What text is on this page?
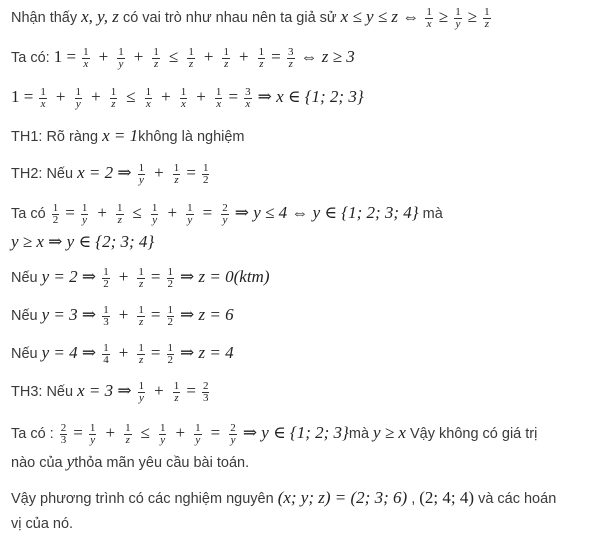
Nhận thấy x, y, z có vai trò như nhau nên ta giả sử x ≤ y ≤ z ⇔ $\frac{1}{x} \ge \frac{1}{y} \ge \frac{1}{z}$
Ta có: $1 = \frac{1}{x} + \frac{1}{y} + \frac{1}{z} \le \frac{1}{z} + \frac{1}{z} + \frac{1}{z} = \frac{3}{z}$ ⇔ z ≥ 3
$1 = \frac{1}{x} + \frac{1}{y} + \frac{1}{z} \le \frac{1}{x} + \frac{1}{x} + \frac{1}{x} = \frac{3}{x}$ ⇒ x ∈ {1; 2; 3}
TH1: Rõ ràng x = 1không là nghiệm
TH2: Nếu x = 2 ⇒ $\frac{1}{y} + \frac{1}{z} = \frac{1}{2}$
Ta có $\frac{1}{2} = \frac{1}{y} + \frac{1}{z} \le \frac{1}{y} + \frac{1}{y} = \frac{2}{y}$ ⇒ y ≤ 4 ⇔ y ∈ {1; 2; 3; 4} mà
y ≥ x ⇒ y ∈ {2; 3; 4}
Nếu y = 2 ⇒ $\frac{1}{2} + \frac{1}{z} = \frac{1}{2}$ ⇒ z = 0(ktm)
Nếu y = 3 ⇒ $\frac{1}{3} + \frac{1}{z} = \frac{1}{2}$ ⇒ z = 6
Nếu y = 4 ⇒ $\frac{1}{4} + \frac{1}{z} = \frac{1}{2}$ ⇒ z = 4
TH3: Nếu x = 3 ⇒ $\frac{1}{y} + \frac{1}{z} = \frac{2}{3}$
Ta có : $\frac{2}{3} = \frac{1}{y} + \frac{1}{z} \le \frac{1}{y} + \frac{1}{y} = \frac{2}{y}$ ⇒ y ∈ {1; 2; 3}mà y ≥ x Vậy không có giá trị
nào của ythỏa mãn yêu cầu bài toán.
Vậy phương trình có các nghiệm nguyên (x; y; z) = (2; 3; 6) , (2; 4; 4) và các hoán
vị của nó.
